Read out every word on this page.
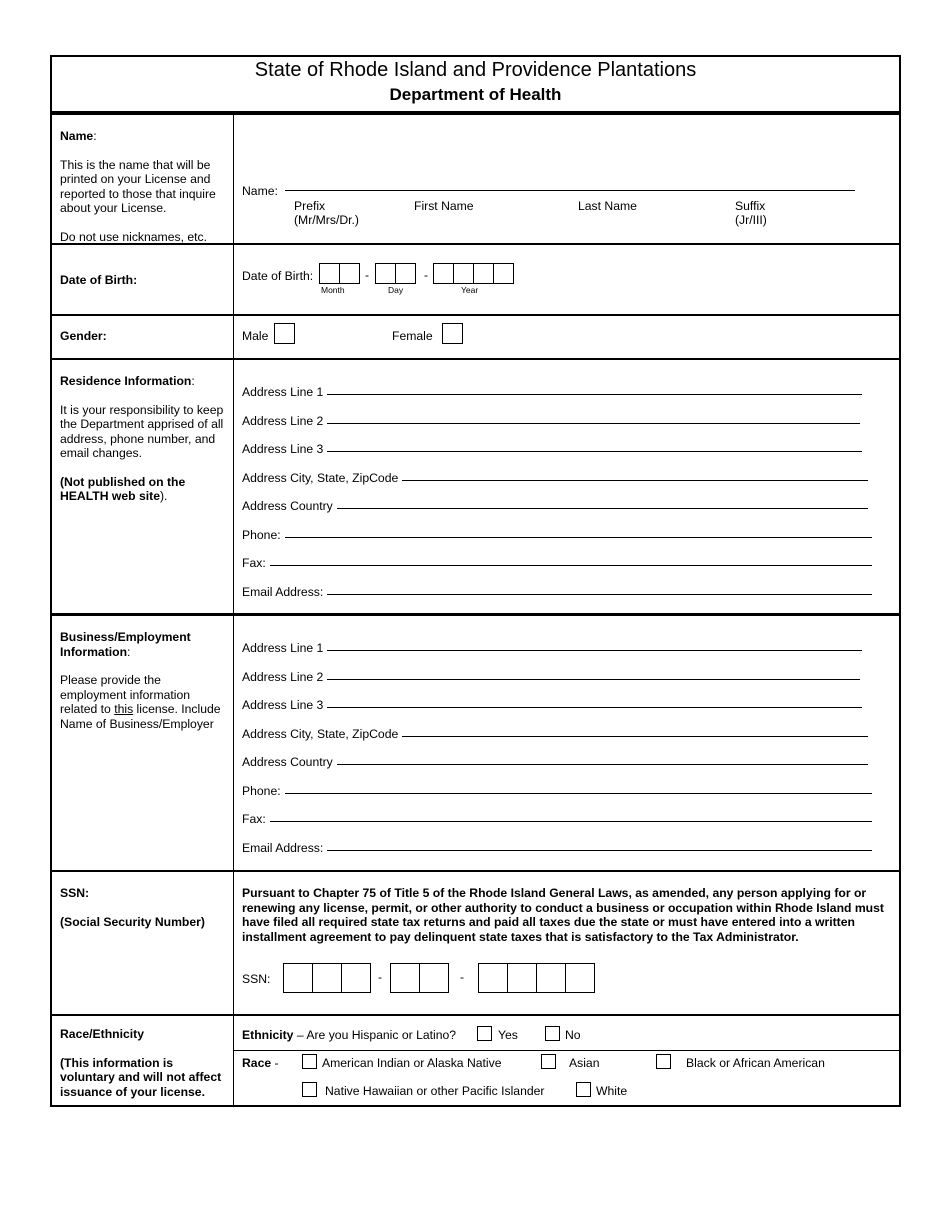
State of Rhode Island and Providence Plantations
Department of Health

Name:

This is the name that will be printed on your License and reported to those that inquire about your License.

Do not use nicknames, etc.

Name:
Prefix
(Mr/Mrs/Dr.)
First Name	Last Name	Suffix
(Jr/III)
Date of Birth:	Date of Birth:	-	-
Month	Day	Year
Gender:	Male	Female

Residence Information:

It is your responsibility to keep the Department apprised of all address, phone number, and email changes.

(Not published on the HEALTH web site).

Address Line 1
Address Line 2
Address Line 3
Address City, State, ZipCode
Address Country
Phone:
Fax:
Email Address:

Business/Employment Information:

Please provide the employment information related to this license. Include Name of Business/Employer

Address Line 1
Address Line 2
Address Line 3
Address City, State, ZipCode
Address Country
Phone:
Fax:
Email Address:

SSN:

(Social Security Number)

Pursuant to Chapter 75 of Title 5 of the Rhode Island General Laws, as amended, any person applying for or renewing any license, permit, or other authority to conduct a business or occupation within Rhode Island must have filed all required state tax returns and paid all taxes due the state or must have entered into a written installment agreement to pay delinquent state taxes that is satisfactory to the Tax Administrator.
SSN:	-	-

Race/Ethnicity

(This information is voluntary and will not affect issuance of your license.

Ethnicity – Are you Hispanic or Latino?	Yes	No
Race -	American Indian or Alaska Native	Asian	Black or African American
Native Hawaiian or other Pacific Islander	White
